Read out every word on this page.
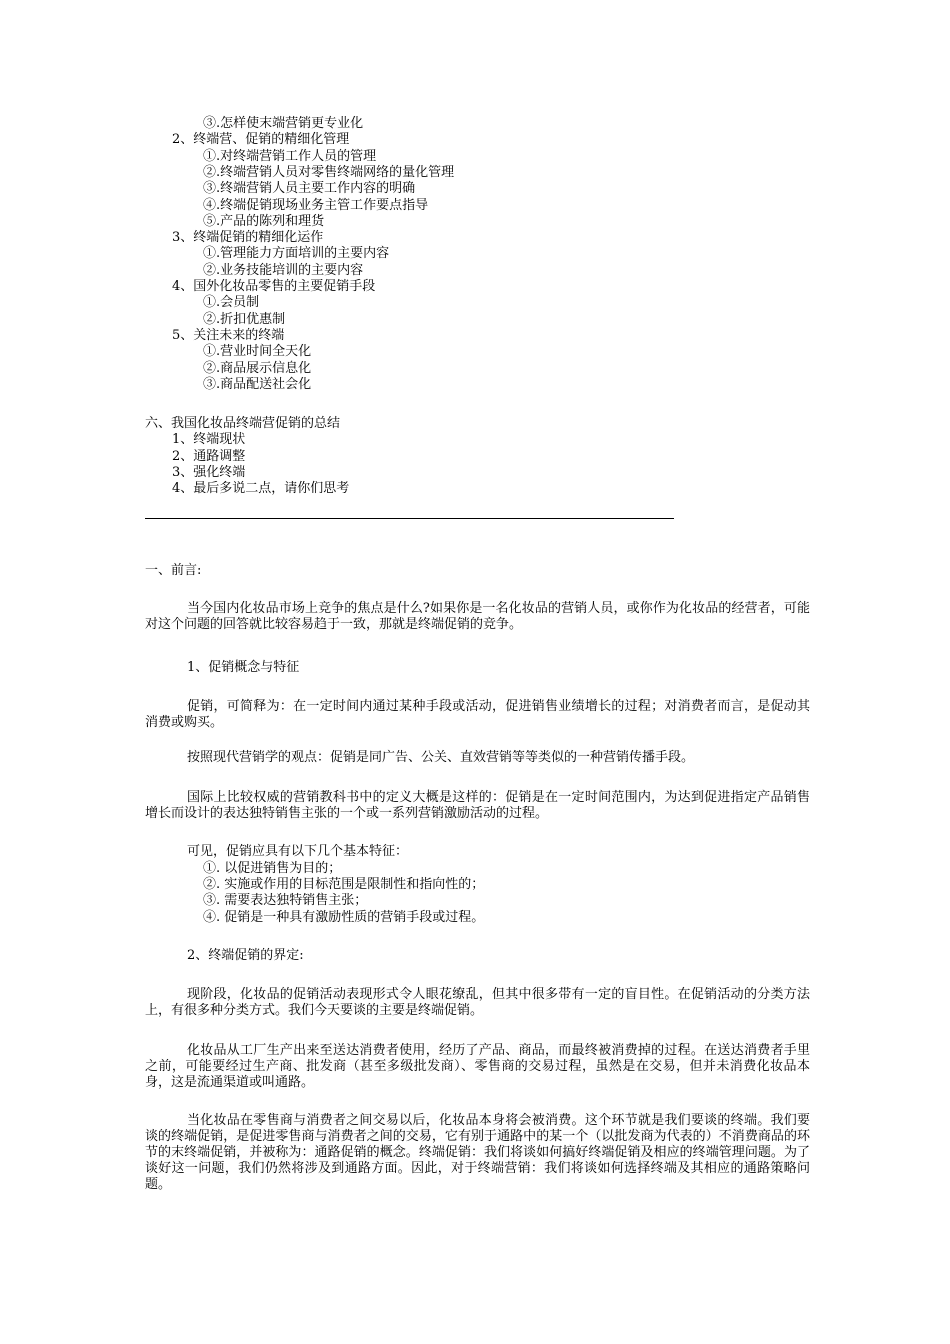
③.怎样使末端营销更专业化
2、终端营、促销的精细化管理
①.对终端营销工作人员的管理
②.终端营销人员对零售终端网络的量化管理
③.终端营销人员主要工作内容的明确
④.终端促销现场业务主管工作要点指导
⑤.产品的陈列和理货
3、终端促销的精细化运作
①.管理能力方面培训的主要内容
②.业务技能培训的主要内容
4、国外化妆品零售的主要促销手段
①.会员制
②.折扣优惠制
5、关注未来的终端
①.营业时间全天化
②.商品展示信息化
③.商品配送社会化
六、我国化妆品终端营促销的总结
1、终端现状
2、通路调整
3、强化终端
4、最后多说二点，请你们思考
一、前言:
当今国内化妆品市场上竞争的焦点是什么?如果你是一名化妆品的营销人员，或你作为化妆品的经营者，可能对这个问题的回答就比较容易趋于一致，那就是终端促销的竞争。
1、促销概念与特征
促销，可简释为：在一定时间内通过某种手段或活动，促进销售业绩增长的过程；对消费者而言，是促动其消费或购买。
按照现代营销学的观点：促销是同广告、公关、直效营销等等类似的一种营销传播手段。
国际上比较权威的营销教科书中的定义大概是这样的：促销是在一定时间范围内，为达到促进指定产品销售增长而设计的表达独特销售主张的一个或一系列营销激励活动的过程。
可见，促销应具有以下几个基本特征：
①. 以促进销售为目的；
②. 实施或作用的目标范围是限制性和指向性的；
③. 需要表达独特销售主张；
④. 促销是一种具有激励性质的营销手段或过程。
2、终端促销的界定:
现阶段，化妆品的促销活动表现形式令人眼花缭乱，但其中很多带有一定的盲目性。在促销活动的分类方法上，有很多种分类方式。我们今天要谈的主要是终端促销。
化妆品从工厂生产出来至送达消费者使用，经历了产品、商品，而最终被消费掉的过程。在送达消费者手里之前，可能要经过生产商、批发商（甚至多级批发商）、零售商的交易过程，虽然是在交易，但并未消费化妆品本身，这是流通渠道或叫通路。
当化妆品在零售商与消费者之间交易以后，化妆品本身将会被消费。这个环节就是我们要谈的终端。我们要谈的终端促销，是促进零售商与消费者之间的交易，它有别于通路中的某一个（以批发商为代表的）不消费商品的环节的末终端促销，并被称为：通路促销的概念。终端促销：我们将谈如何搞好终端促销及相应的终端管理问题。为了谈好这一问题，我们仍然将涉及到通路方面。因此，对于终端营销：我们将谈如何选择终端及其相应的通路策略问题。
